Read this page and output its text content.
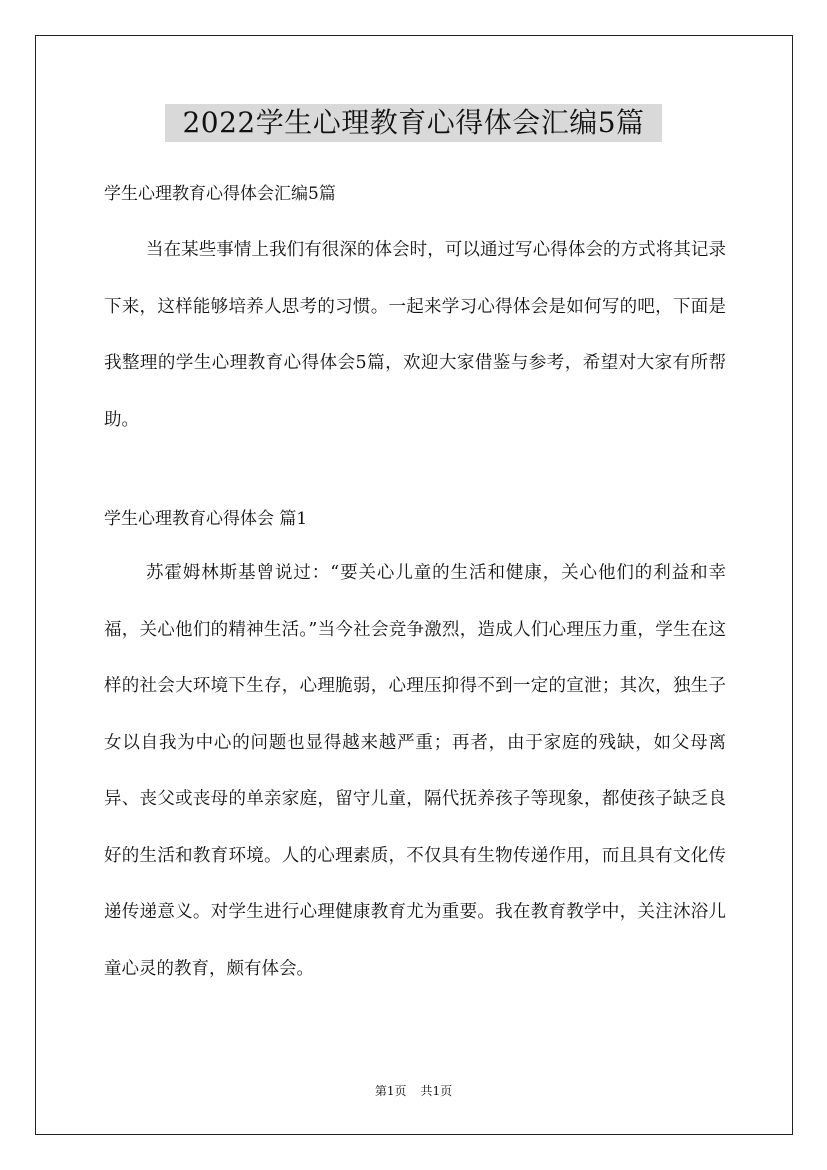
2022学生心理教育心得体会汇编5篇
学生心理教育心得体会汇编5篇
当在某些事情上我们有很深的体会时，可以通过写心得体会的方式将其记录下来，这样能够培养人思考的习惯。一起来学习心得体会是如何写的吧，下面是我整理的学生心理教育心得体会5篇，欢迎大家借鉴与参考，希望对大家有所帮助。
学生心理教育心得体会 篇1
苏霍姆林斯基曾说过：“要关心儿童的生活和健康，关心他们的利益和幸福，关心他们的精神生活。”当今社会竞争激烈，造成人们心理压力重，学生在这样的社会大环境下生存，心理脆弱，心理压抑得不到一定的宣泄；其次，独生子女以自我为中心的问题也显得越来越严重；再者，由于家庭的残缺，如父母离异、丧父或丧母的单亲家庭，留守儿童，隔代抚养孩子等现象，都使孩子缺乏良好的生活和教育环境。人的心理素质，不仅具有生物传递作用，而且具有文化传递传递意义。对学生进行心理健康教育尤为重要。我在教育教学中，关注沐浴儿童心灵的教育，颇有体会。
第1页 共1页
